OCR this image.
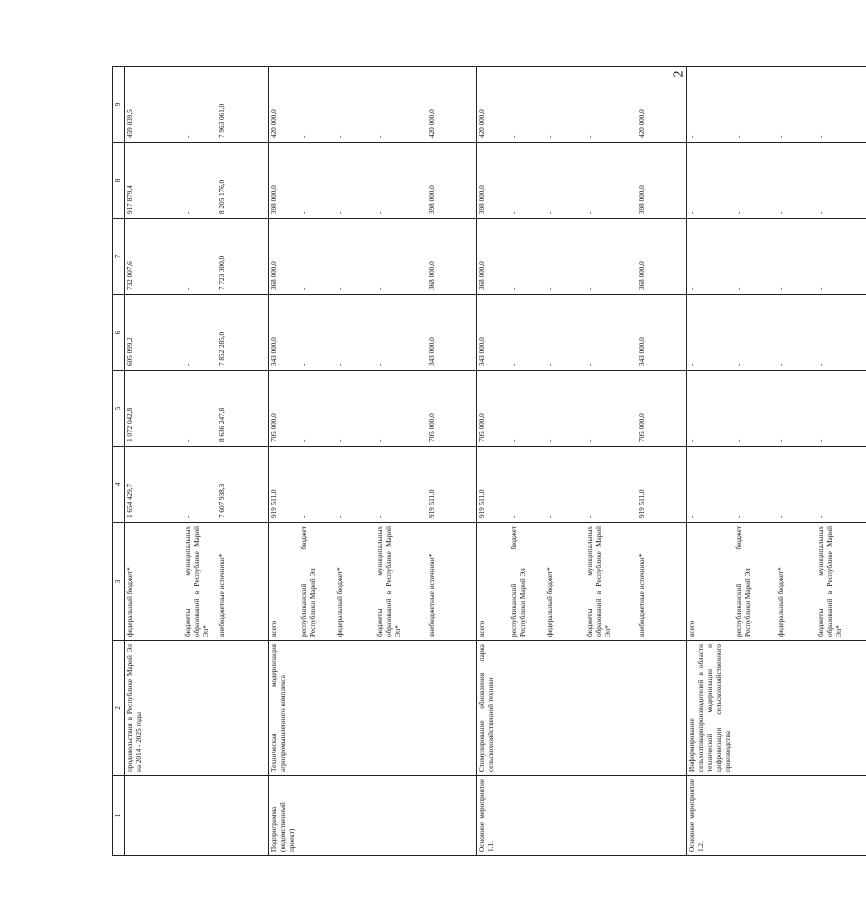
2
1	2	3	4	5	6	7	8	9
	продовольствия в Республике Марий Эл на 2014 - 2025 годы	федеральный бюджет*	1 654 429,7	1 072 042,8	605 099,2	732 007,6	917 879,4	459 039,5
		бюджеты муниципальных образований в Республике Марий Эл*	-	-	-	-	-	-
		внебюджетные источники*	7 607 938,3	8 636 247,8	7 852 285,0	7 723 300,0	8 205 176,0	7 963 061,0
Подпрограмма (ведомственный проект)	Техническая модернизация агропромышленного комплекса	всего	919 511,0	705 000,0	343 000,0	368 000,0	398 000,0	420 000,0
		республиканский бюджет Республики Марий Эл	-	-	-	-	-	-
		федеральный бюджет*	-	-	-	-	-	-
		бюджеты муниципальных образований в Республике Марий Эл*	-	-	-	-	-	-
		внебюджетные источники*	919 511,0	705 000,0	343 000,0	368 000,0	398 000,0	420 000,0
Основное мероприятие 1.1.	Стимулирование обновления парка сельскохозяйственной техники	всего	919 511,0	705 000,0	343 000,0	368 000,0	398 000,0	420 000,0
		республиканский бюджет Республики Марий Эл	-	-	-	-	-	-
		федеральный бюджет*	-	-	-	-	-	-
		бюджеты муниципальных образований в Республике Марий Эл*	-	-	-	-	-	-
		внебюджетные источники*	919 511,0	705 000,0	343 000,0	368 000,0	398 000,0	420 000,0
Основное мероприятие 1.2.	Информирование сельхозтоваропроизводителей в области технической модернизации и цифровизации сельскохозяйственного производства	всего	-	-	-	-	-	-
		республиканский бюджет Республики Марий Эл	-	-	-	-	-	-
		федеральный бюджет*	-	-	-	-	-	-
		бюджеты муниципальных образований в Республике Марий Эл*	-	-	-	-	-	-
